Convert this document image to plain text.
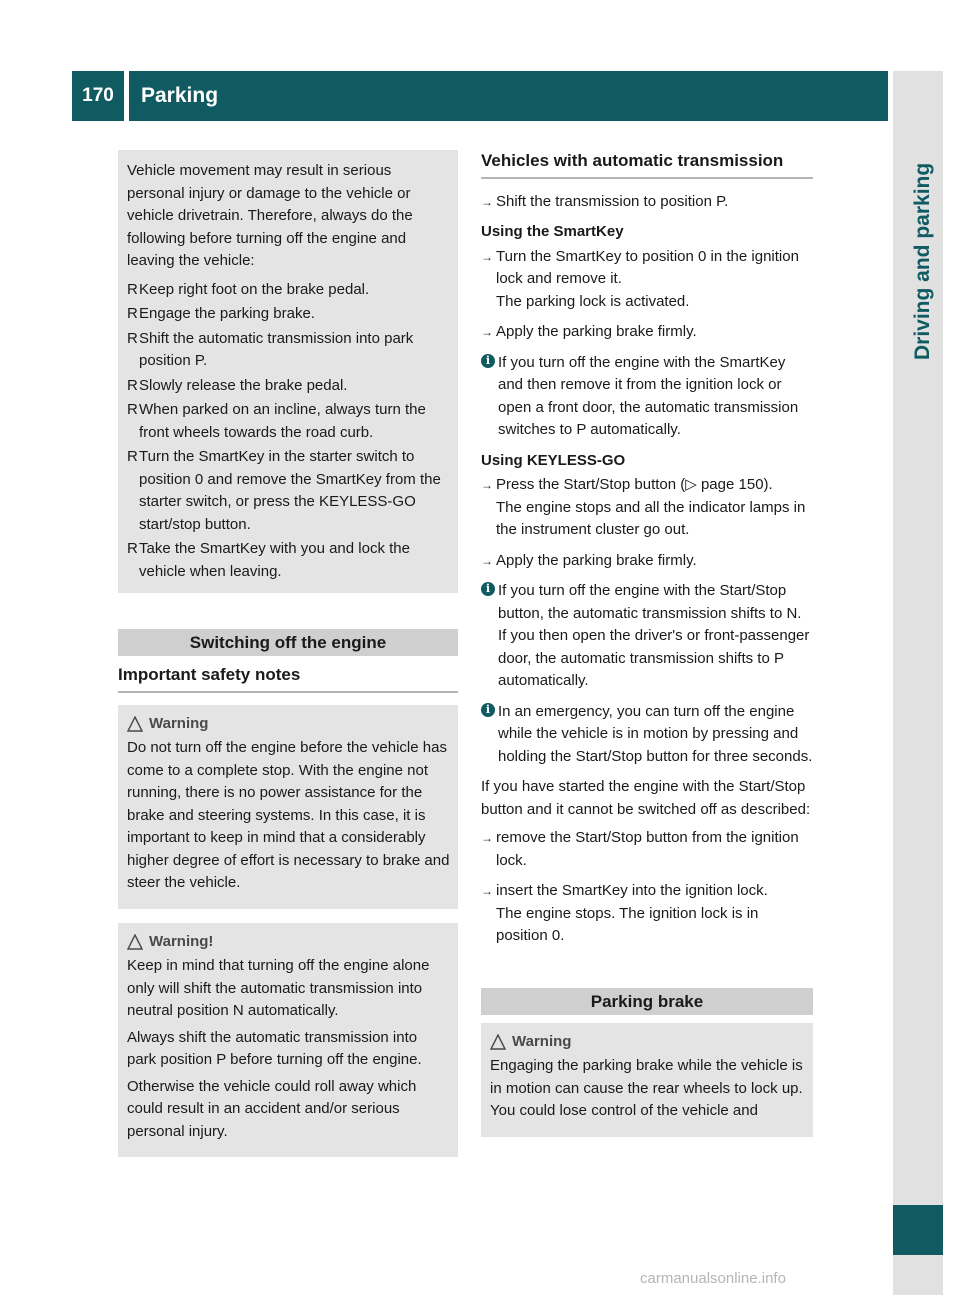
170	Parking
Driving and parking

Vehicle movement may result in serious personal injury or damage to the vehicle or vehicle drivetrain. Therefore, always do the following before turning off the engine and leaving the vehicle:

R Keep right foot on the brake pedal.
R Engage the parking brake.
R Shift the automatic transmission into park position P.
R Slowly release the brake pedal.
R When parked on an incline, always turn the front wheels towards the road curb.
R Turn the SmartKey in the starter switch to position 0 and remove the SmartKey from the starter switch, or press the KEYLESS-GO start/stop button.
R Take the SmartKey with you and lock the vehicle when leaving.
Switching off the engine
Important safety notes
Warning

Do not turn off the engine before the vehicle has come to a complete stop. With the engine not running, there is no power assistance for the brake and steering systems. In this case, it is important to keep in mind that a considerably higher degree of effort is necessary to brake and steer the vehicle.

Warning!

Keep in mind that turning off the engine alone only will shift the automatic transmission into neutral position N automatically.

Always shift the automatic transmission into park position P before turning off the engine.

Otherwise the vehicle could roll away which could result in an accident and/or serious personal injury.

Vehicles with automatic transmission
→ Shift the transmission to position P.
Using the SmartKey
→ Turn the SmartKey to position 0 in the ignition lock and remove it.
The parking lock is activated.
→ Apply the parking brake firmly.
i If you turn off the engine with the SmartKey and then remove it from the ignition lock or open a front door, the automatic transmission switches to P automatically.
Using KEYLESS-GO
→ Press the Start/Stop button (▷ page 150).
The engine stops and all the indicator lamps in the instrument cluster go out.
→ Apply the parking brake firmly.
i If you turn off the engine with the Start/Stop button, the automatic transmission shifts to N. If you then open the driver's or front-passenger door, the automatic transmission shifts to P automatically.
i In an emergency, you can turn off the engine while the vehicle is in motion by pressing and holding the Start/Stop button for three seconds.

If you have started the engine with the Start/Stop button and it cannot be switched off as described:

→ remove the Start/Stop button from the ignition lock.
→ insert the SmartKey into the ignition lock.
The engine stops. The ignition lock is in position 0.
Parking brake
Warning

Engaging the parking brake while the vehicle is in motion can cause the rear wheels to lock up. You could lose control of the vehicle and

carmanualsonline.info
